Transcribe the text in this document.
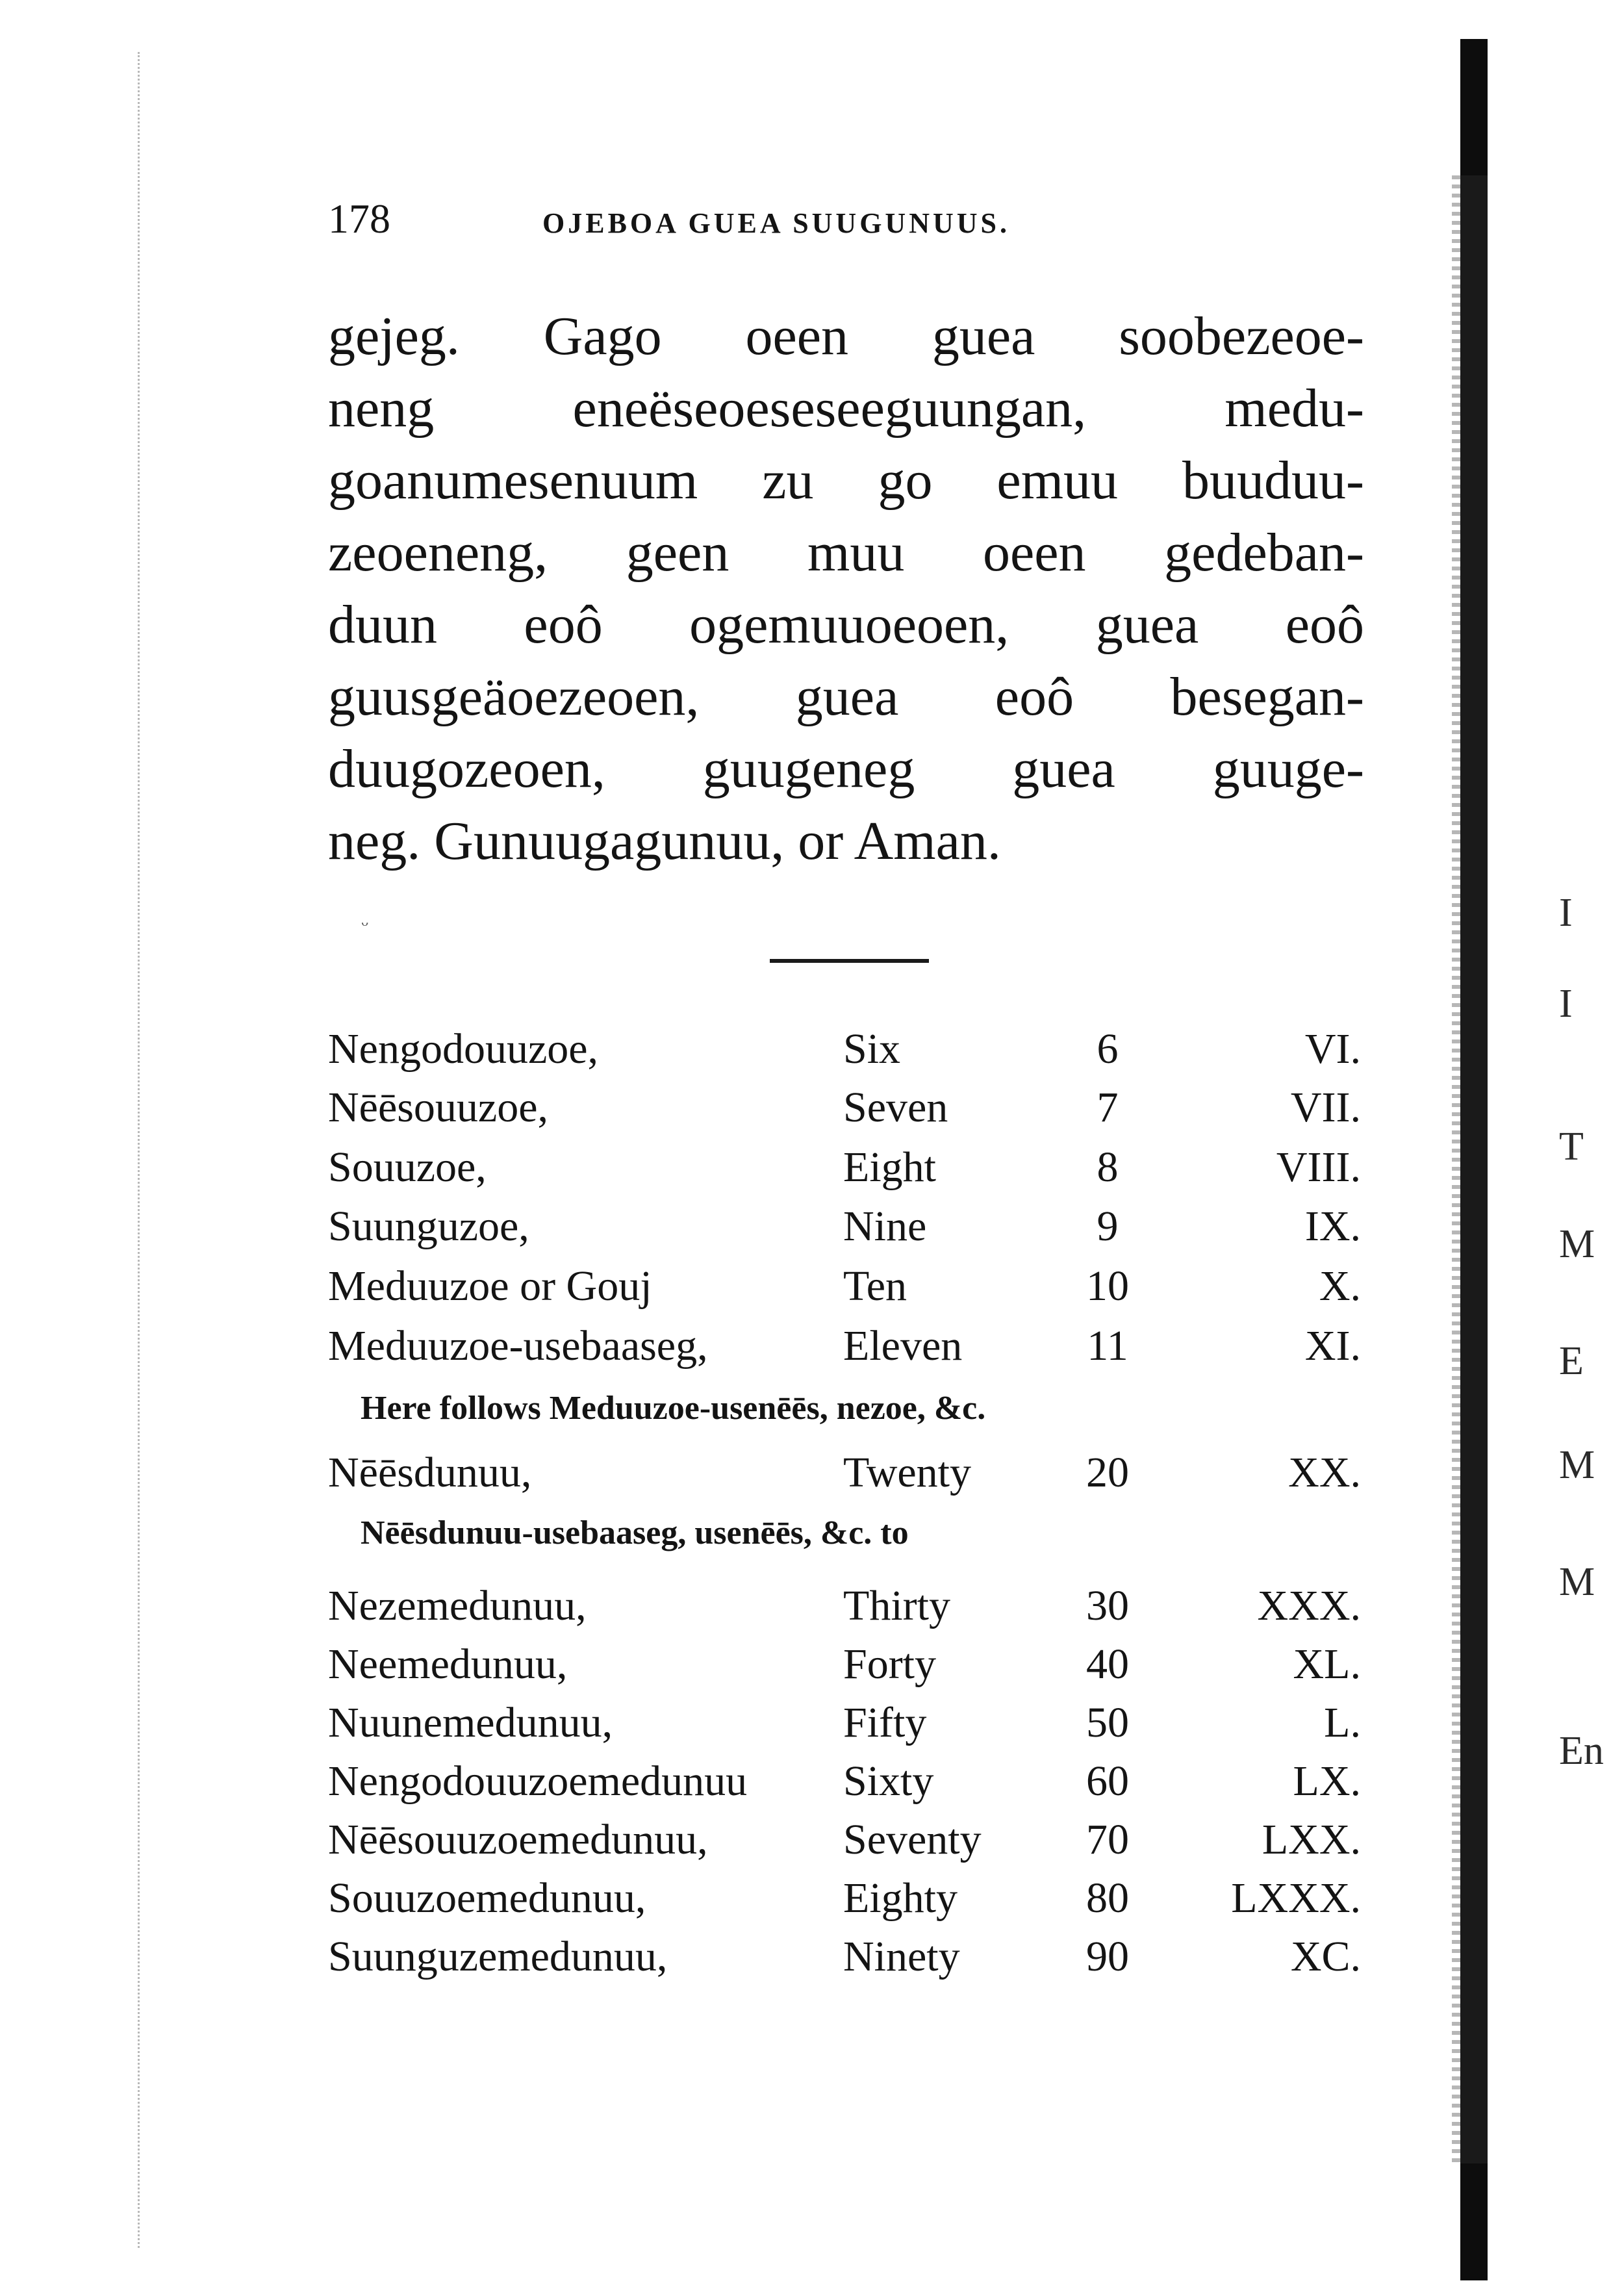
I
I
T
M
E
M
M
En
178	OJEBOA GUEA SUUGUNUUS.
gejeg. Gago oeen guea soobezeoe-
neng eneëseoeseseeguungan, medu-
goanumesenuum zu go emuu buuduu-
zeoeneng, geen muu oeen gedeban-
duun eoô ogemuuoeoen, guea eoô
guusgeäoezeoen, guea eoô besegan-
duugozeoen, guugeneg guea guuge-
neg. Gunuugagunuu, or Aman.
ᵕ
Nengodouuzoe,	Six	6	VI.
Nēēsouuzoe,	Seven	7	VII.
Souuzoe,	Eight	8	VIII.
Suunguzoe,	Nine	9	IX.
Meduuzoe or Gouj	Ten	10	X.
Meduuzoe-usebaaseg,	Eleven	11	XI.
Here follows Meduuzoe-usenēēs, nezoe, &c.
Nēēsdunuu,	Twenty	20	XX.
Nēēsdunuu-usebaaseg, usenēēs, &c. to
Nezemedunuu,	Thirty	30	XXX.
Neemedunuu,	Forty	40	XL.
Nuunemedunuu,	Fifty	50	L.
Nengodouuzoemedunuu Sixty	60	LX.
Nēēsouuzoemedunuu,	Seventy	70	LXX.
Souuzoemedunuu,	Eighty	80	LXXX.
Suunguzemedunuu,	Ninety	90	XC.
